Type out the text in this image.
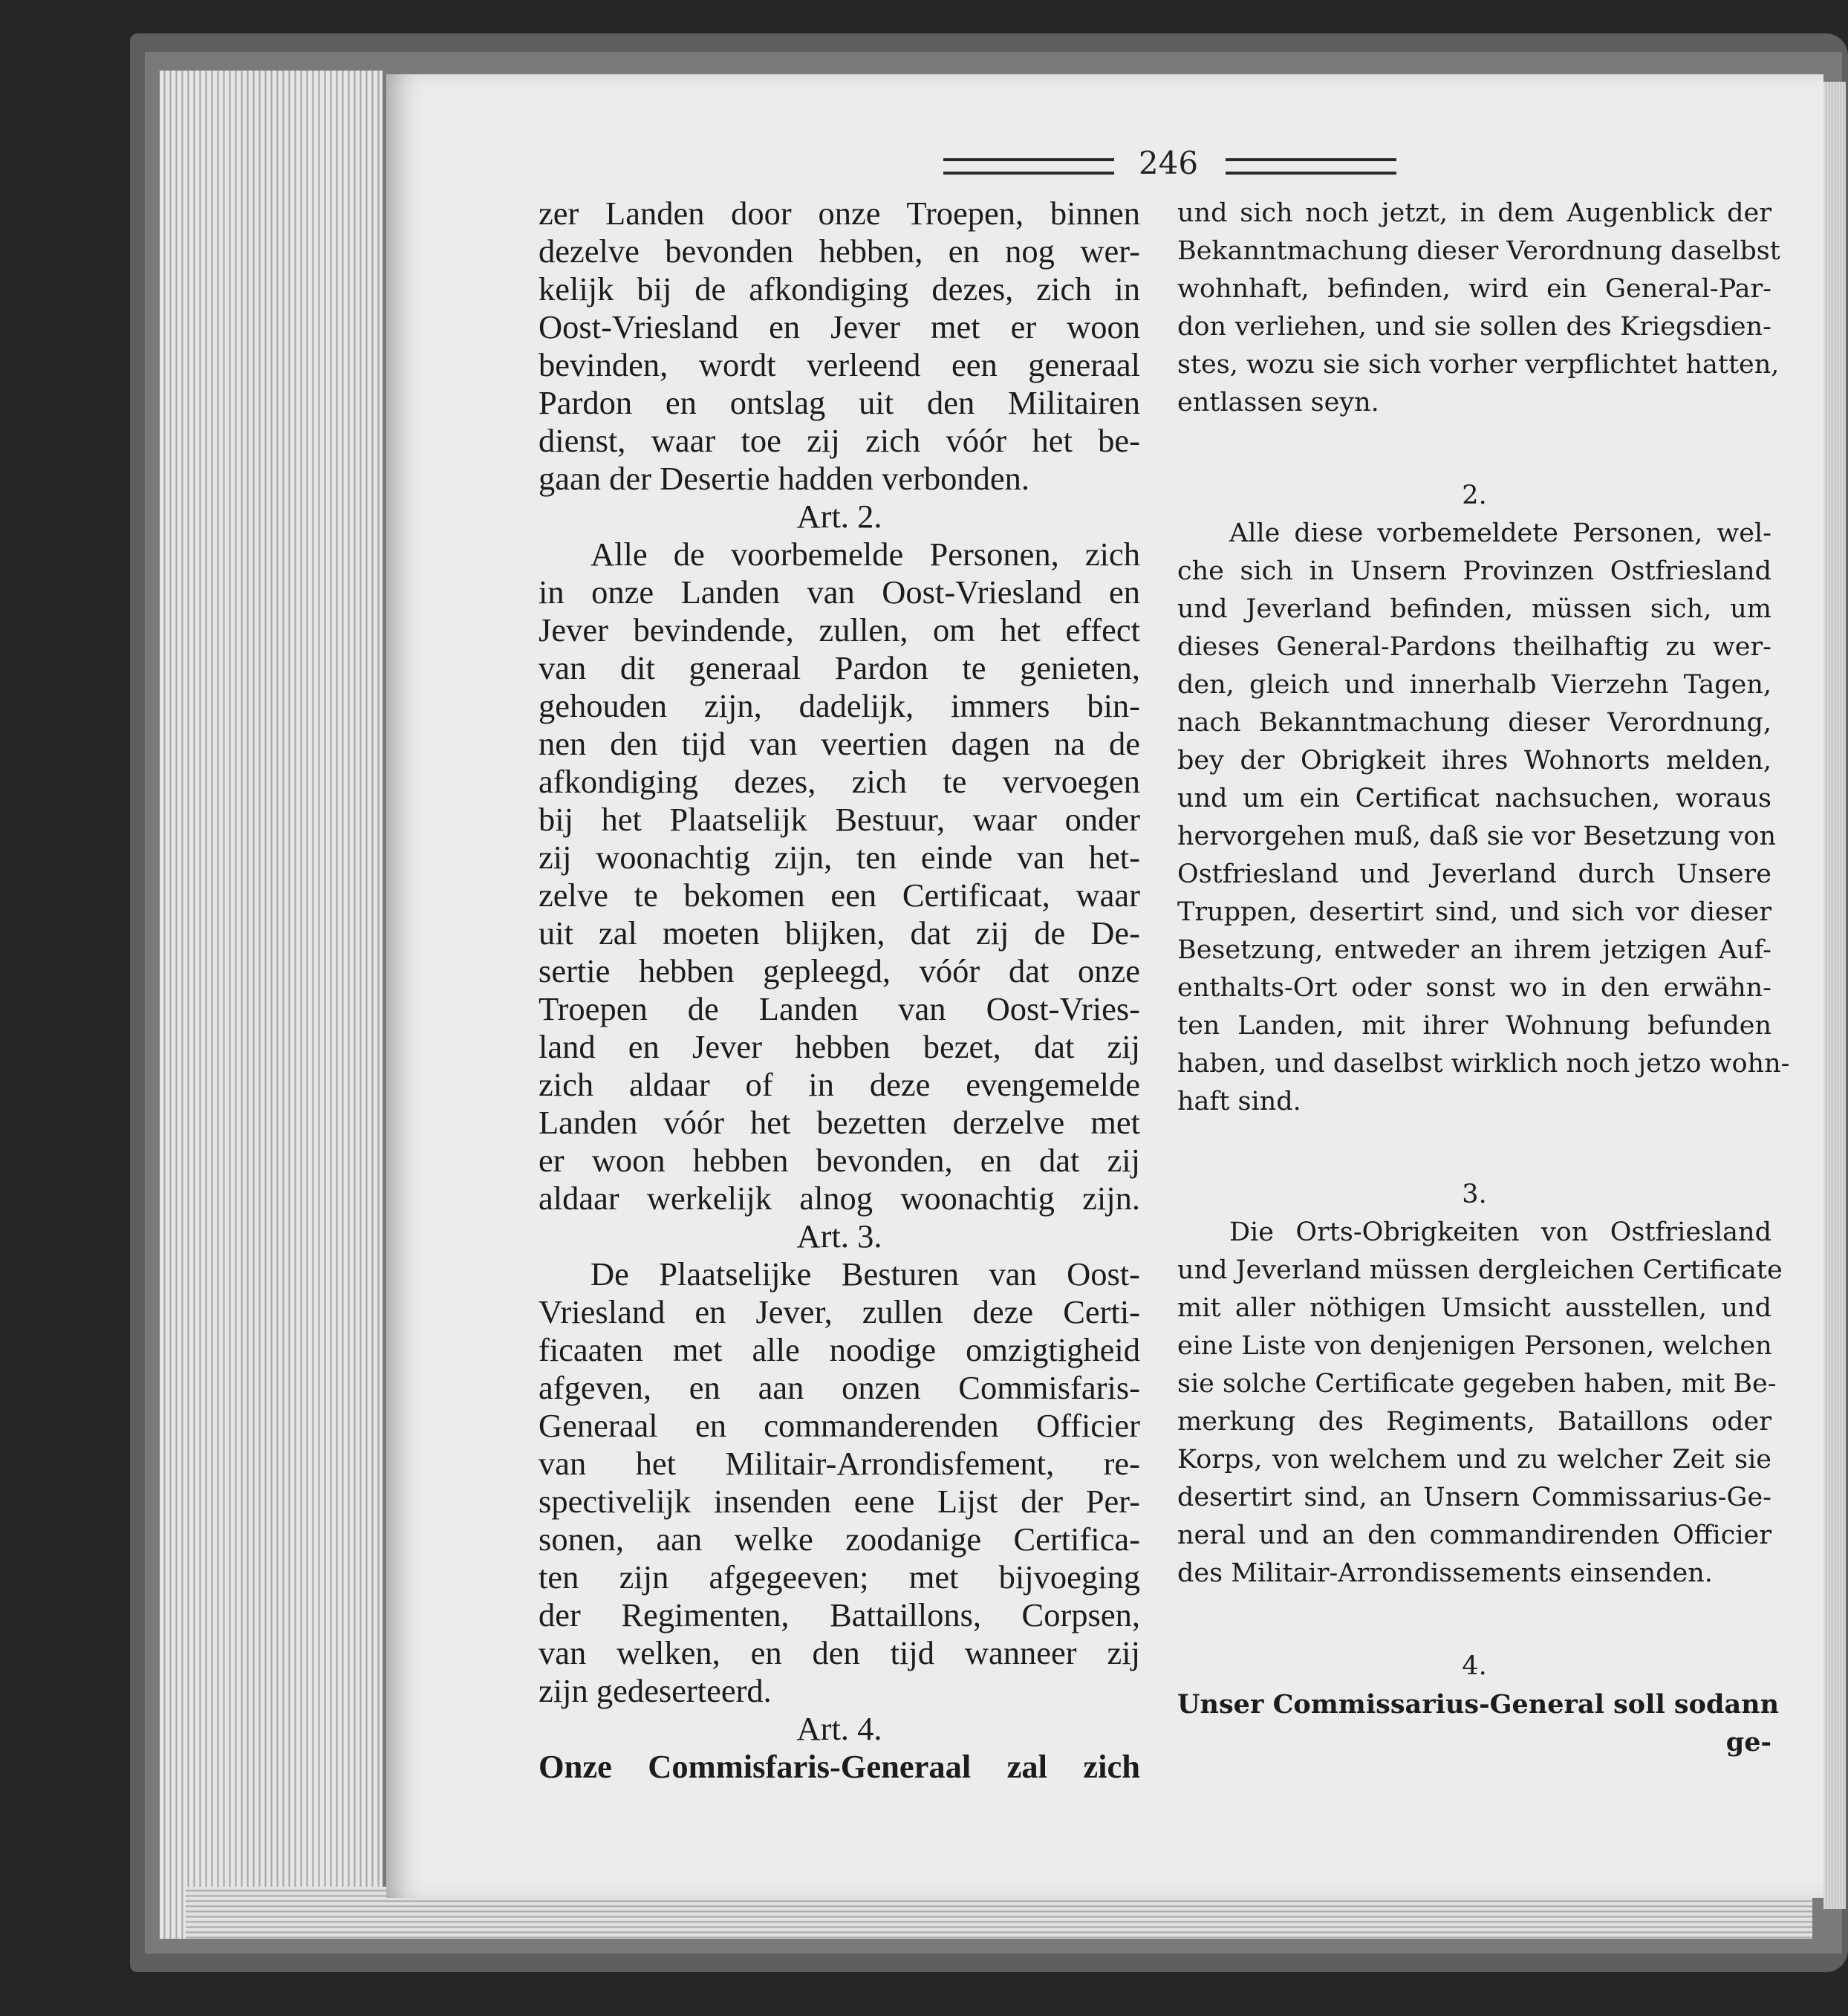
246
zer Landen door onze Troepen, binnen
dezelve bevonden hebben, en nog wer-
kelijk bij de afkondiging dezes, zich in
Oost-Vriesland en Jever met er woon
bevinden, wordt verleend een generaal
Pardon en ontslag uit den Militairen
dienst, waar toe zij zich vóór het be-
gaan der Desertie hadden verbonden.
Art. 2.
Alle de voorbemelde Personen, zich
in onze Landen van Oost-Vriesland en
Jever bevindende, zullen, om het effect
van dit generaal Pardon te genieten,
gehouden zijn, dadelijk, immers bin-
nen den tijd van veertien dagen na de
afkondiging dezes, zich te vervoegen
bij het Plaatselijk Bestuur, waar onder
zij woonachtig zijn, ten einde van het-
zelve te bekomen een Certificaat, waar
uit zal moeten blijken, dat zij de De-
sertie hebben gepleegd, vóór dat onze
Troepen de Landen van Oost-Vries-
land en Jever hebben bezet, dat zij
zich aldaar of in deze evengemelde
Landen vóór het bezetten derzelve met
er woon hebben bevonden, en dat zij
aldaar werkelijk alnog woonachtig zijn.
Art. 3.
De Plaatselijke Besturen van Oost-
Vriesland en Jever, zullen deze Certi-
ficaaten met alle noodige omzigtigheid
afgeven, en aan onzen Commisfaris-
Generaal en commanderenden Officier
van het Militair-Arrondisfement, re-
spectivelijk insenden eene Lijst der Per-
sonen, aan welke zoodanige Certifica-
ten zijn afgegeeven; met bijvoeging
der Regimenten, Battaillons, Corpsen,
van welken, en den tijd wanneer zij
zijn gedeserteerd.
Art. 4.
Onze Commisfaris-Generaal zal zich
und sich noch jetzt, in dem Augenblick der
Bekanntmachung dieser Verordnung daselbst
wohnhaft, befinden, wird ein General-Par-
don verliehen, und sie sollen des Kriegsdien-
stes, wozu sie sich vorher verpflichtet hatten,
entlassen seyn.
2.
Alle diese vorbemeldete Personen, wel-
che sich in Unsern Provinzen Ostfriesland
und Jeverland befinden, müssen sich, um
dieses General-Pardons theilhaftig zu wer-
den, gleich und innerhalb Vierzehn Tagen,
nach Bekanntmachung dieser Verordnung,
bey der Obrigkeit ihres Wohnorts melden,
und um ein Certificat nachsuchen, woraus
hervorgehen muß, daß sie vor Besetzung von
Ostfriesland und Jeverland durch Unsere
Truppen, desertirt sind, und sich vor dieser
Besetzung, entweder an ihrem jetzigen Auf-
enthalts-Ort oder sonst wo in den erwähn-
ten Landen, mit ihrer Wohnung befunden
haben, und daselbst wirklich noch jetzo wohn-
haft sind.
3.
Die Orts-Obrigkeiten von Ostfriesland
und Jeverland müssen dergleichen Certificate
mit aller nöthigen Umsicht ausstellen, und
eine Liste von denjenigen Personen, welchen
sie solche Certificate gegeben haben, mit Be-
merkung des Regiments, Bataillons oder
Korps, von welchem und zu welcher Zeit sie
desertirt sind, an Unsern Commissarius-Ge-
neral und an den commandirenden Officier
des Militair-Arrondissements einsenden.
4.
Unser Commissarius-General soll sodann
ge-
